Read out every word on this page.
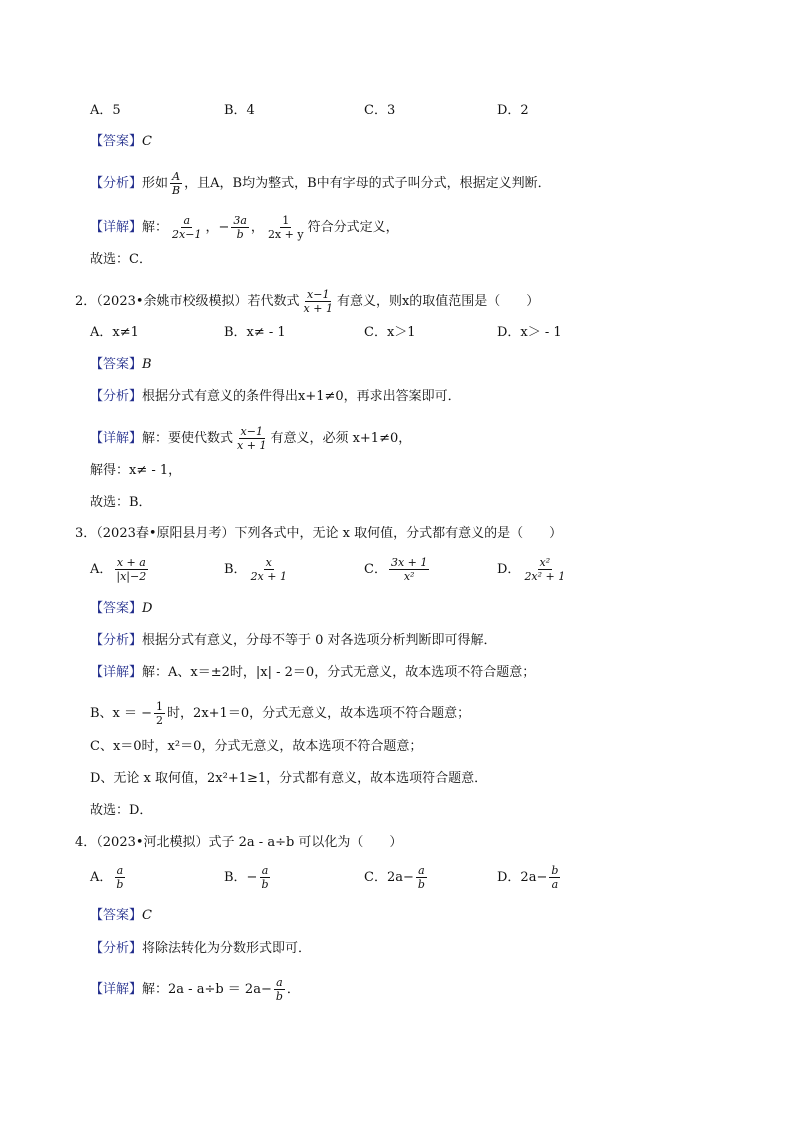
A．5	B．4	C．3	D．2
【答案】C
【分析】形如 $\frac{A}{B}$ ，且A，B均为整式，B中有字母的式子叫分式，根据定义判断．
【详解】解： $\frac{a}{2x-1}$ ，− $\frac{3a}{b}$ ， $\frac{1}{2x + y}$ 符合分式定义，
故选：C．
2．（2023•余姚市校级模拟）若代数式 $\frac{x-1}{x + 1}$ 有意义，则x的取值范围是（　　）
A．x≠1	B．x≠ - 1	C．x＞1	D．x＞ - 1
【答案】B
【分析】根据分式有意义的条件得出x+1≠0，再求出答案即可．
【详解】解：要使代数式 $\frac{x-1}{x + 1}$ 有意义，必须 x+1≠0，
解得：x≠ - 1，
故选：B．
3．（2023春•原阳县月考）下列各式中，无论 x 取何值，分式都有意义的是（　　）
A． $\frac{x + a}{|x|-2}$	B． $\frac{x}{2x + 1}$	C． $\frac{3x + 1}{\text{x²}}$	D． $\frac{\text{x²}}{\text{2x² + 1}}$
【答案】D
【分析】根据分式有意义，分母不等于 0 对各选项分析判断即可得解．
【详解】解：A、x＝±2时，|x| - 2＝0，分式无意义，故本选项不符合题意；
B、x ＝ − $\frac{1}{2}$ 时，2x+1＝0，分式无意义，故本选项不符合题意；
C、x＝0时，x²＝0，分式无意义，故本选项不符合题意；
D、无论 x 取何值，2x²+1≥1，分式都有意义，故本选项符合题意．
故选：D．
4．（2023•河北模拟）式子 2a - a÷b 可以化为（　　）
A． $\frac{a}{b}$	B．− $\frac{a}{b}$	C．$2a- \frac{a}{b}$	D．$2a- \frac{b}{a}$
【答案】C
【分析】将除法转化为分数形式即可．
【详解】解：$2a - a\div b = 2a- \frac{a}{b}$ ．
